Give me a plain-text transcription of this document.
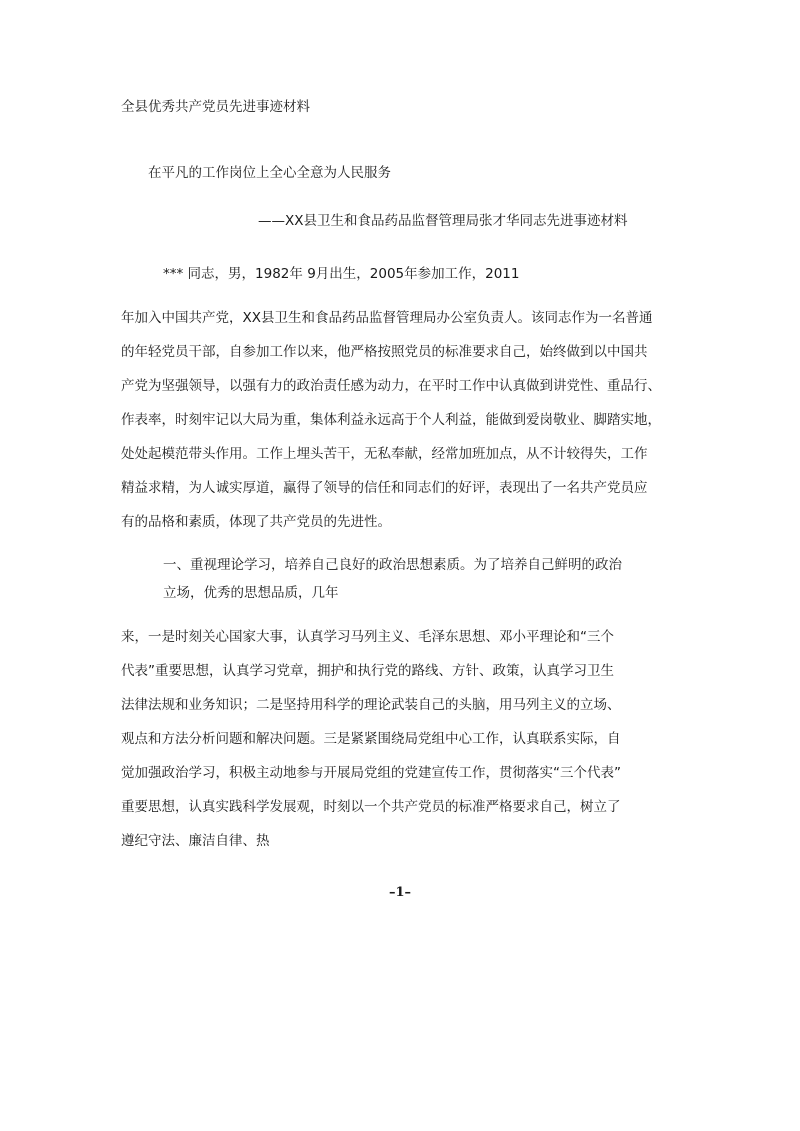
全县优秀共产党员先进事迹材料
在平凡的工作岗位上全心全意为人民服务
——XX县卫生和食品药品监督管理局张才华同志先进事迹材料
*** 同志，男，1982年 9月出生，2005年参加工作，2011
年加入中国共产党，XX县卫生和食品药品监督管理局办公室负责人。该同志作为一名普通
的年轻党员干部，自参加工作以来，他严格按照党员的标准要求自己，始终做到以中国共
产党为坚强领导，以强有力的政治责任感为动力，在平时工作中认真做到讲党性、重品行、
作表率，时刻牢记以大局为重，集体利益永远高于个人利益，能做到爱岗敬业、脚踏实地，
处处起模范带头作用。工作上埋头苦干，无私奉献，经常加班加点，从不计较得失，工作
精益求精，为人诚实厚道，赢得了领导的信任和同志们的好评，表现出了一名共产党员应
有的品格和素质，体现了共产党员的先进性。
一、重视理论学习，培养自己良好的政治思想素质。为了培养自己鲜明的政治
立场，优秀的思想品质，几年
来，一是时刻关心国家大事，认真学习马列主义、毛泽东思想、邓小平理论和“三个
代表”重要思想，认真学习党章，拥护和执行党的路线、方针、政策，认真学习卫生
法律法规和业务知识；二是坚持用科学的理论武装自己的头脑，用马列主义的立场、
观点和方法分析问题和解决问题。三是紧紧围绕局党组中心工作，认真联系实际，自
觉加强政治学习，积极主动地参与开展局党组的党建宣传工作，贯彻落实“三个代表”
重要思想，认真实践科学发展观，时刻以一个共产党员的标准严格要求自己，树立了
遵纪守法、廉洁自律、热
–1–
